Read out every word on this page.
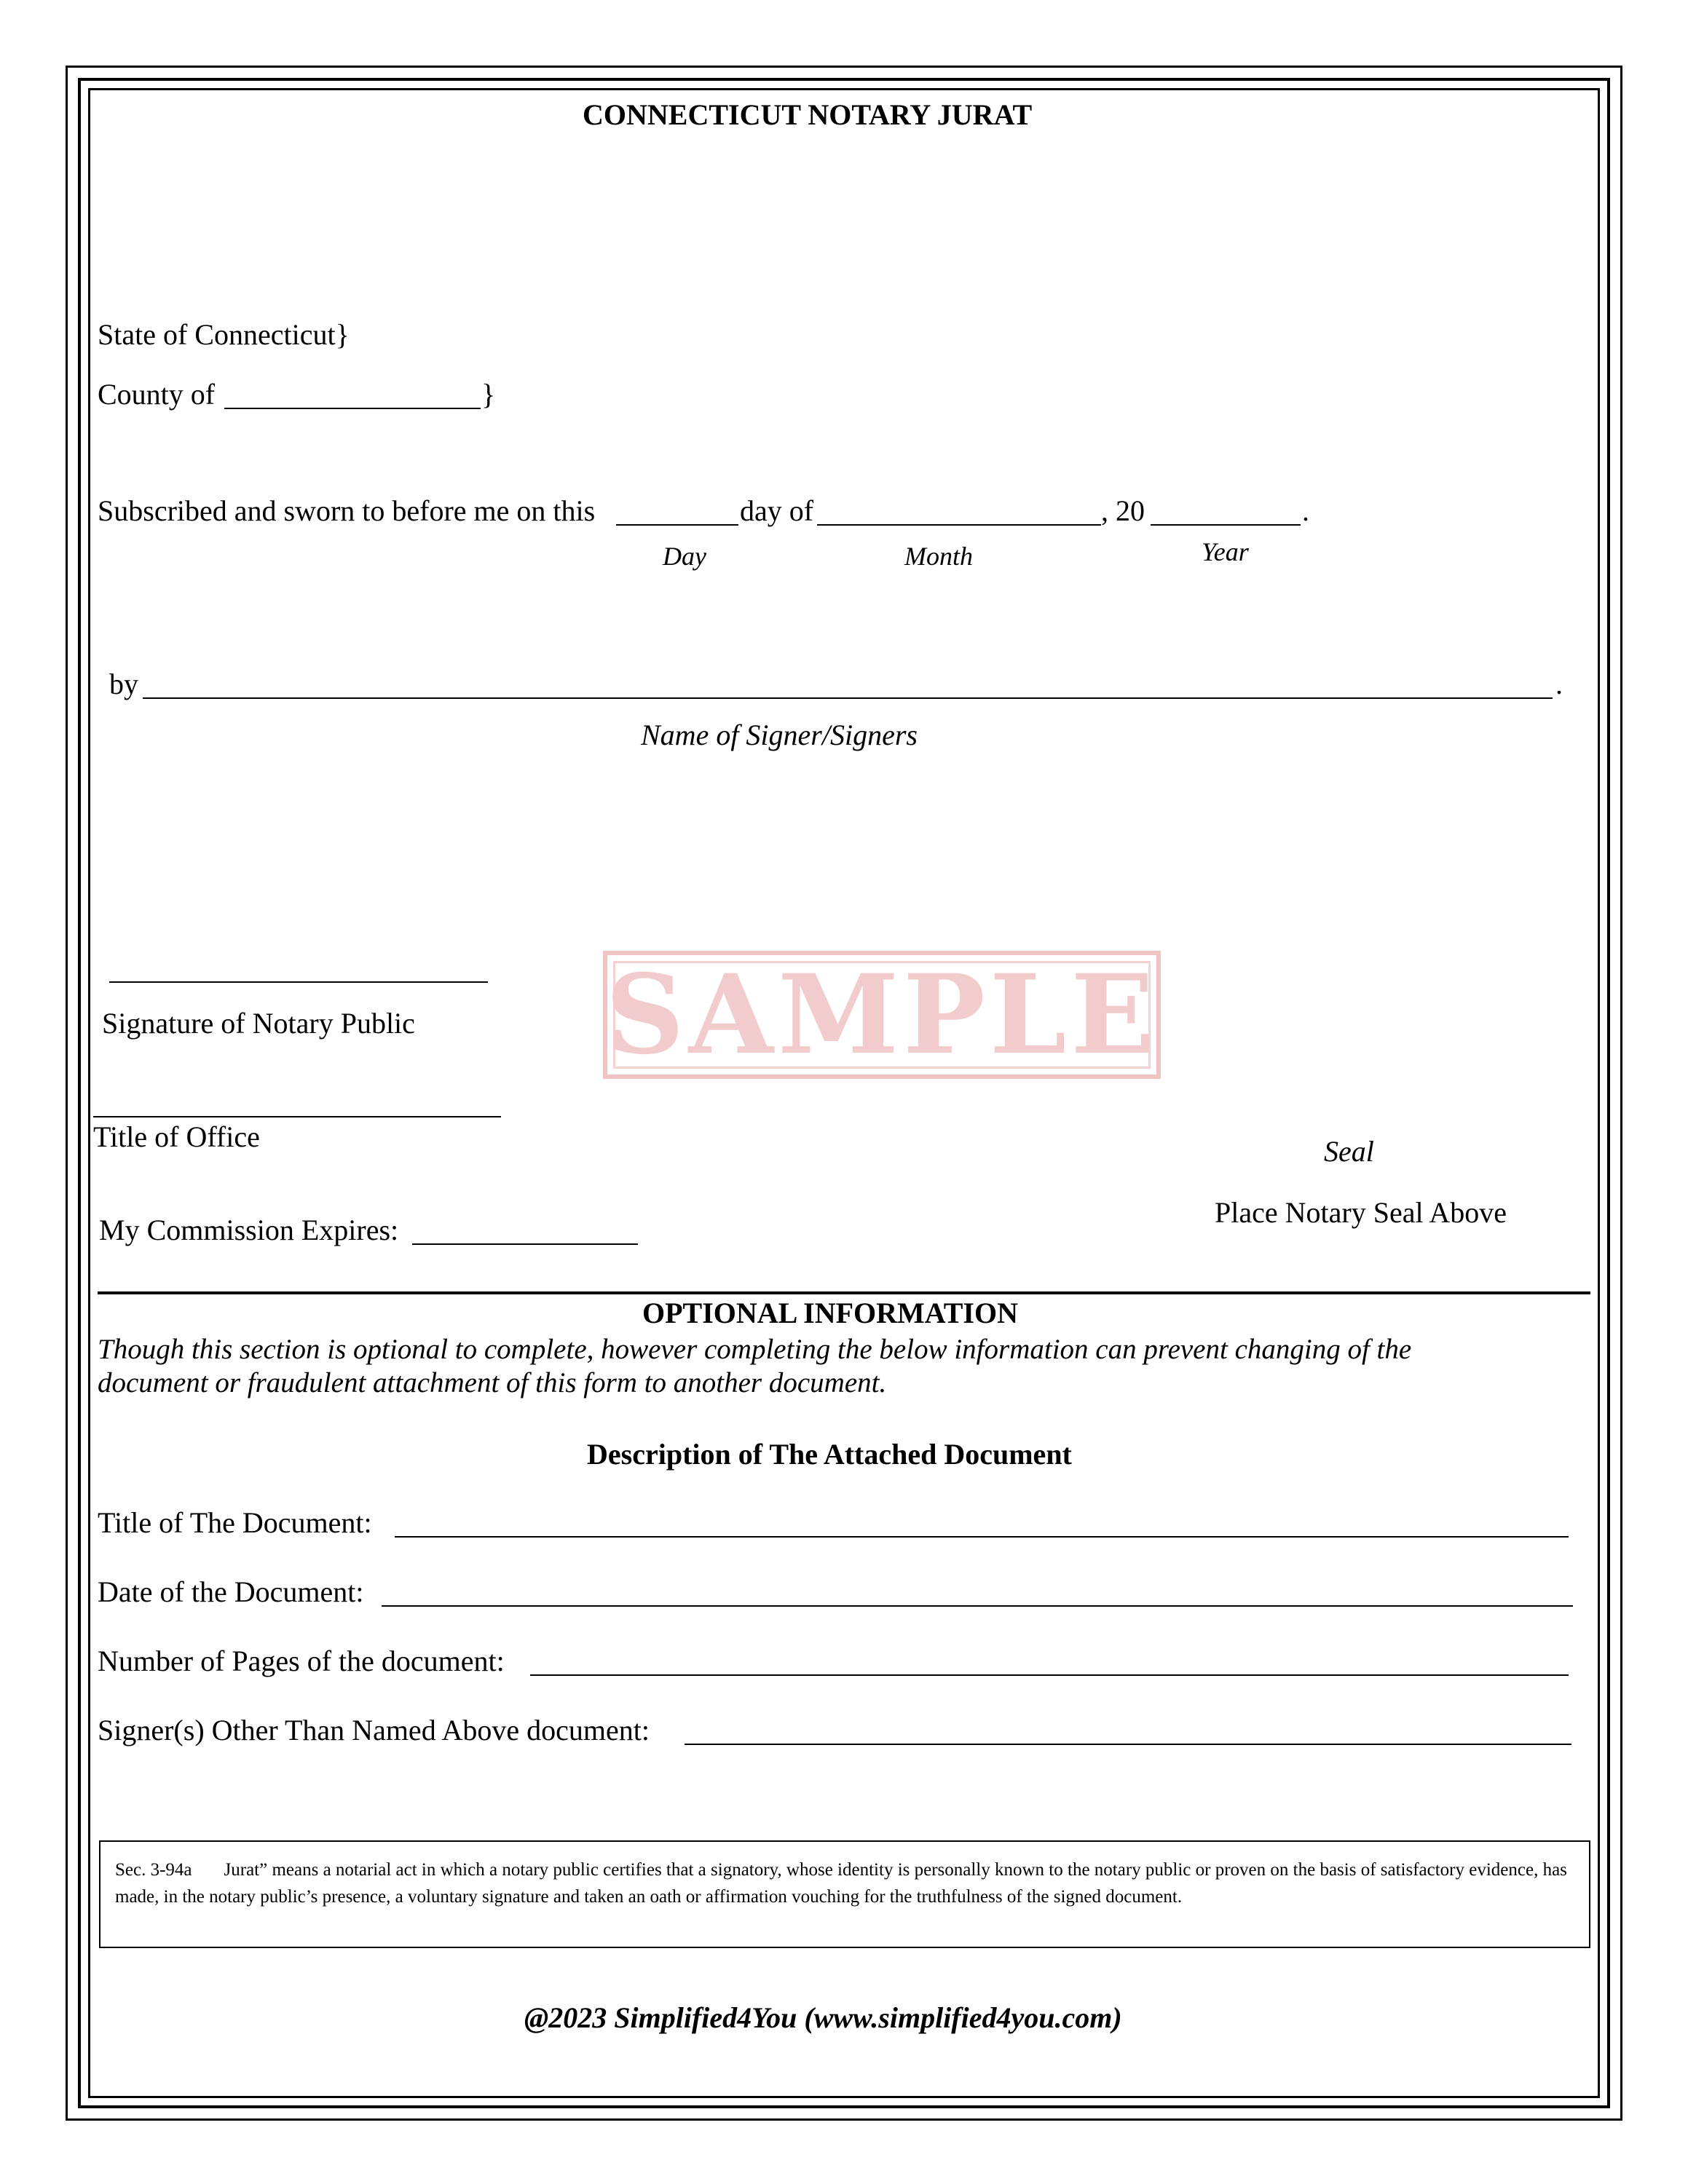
CONNECTICUT NOTARY JURAT
State of Connecticut}
County of	}
Subscribed and sworn to before me on this	day of	, 20	.
Day	Month	Year
by	.
Name of Signer/Signers
SAMPLE
Signature of Notary Public
Title of Office	Seal
Place Notary Seal Above
My Commission Expires:
OPTIONAL INFORMATION
Though this section is optional to complete, however completing the below information can prevent changing of the
document or fraudulent attachment of this form to another document.
Description of The Attached Document
Title of The Document:
Date of the Document:
Number of Pages of the document:
Signer(s) Other Than Named Above document:
Sec. 3-94a Jurat” means a notarial act in which a notary public certifies that a signatory, whose identity is personally known to the notary public or proven on the basis of satisfactory evidence, has made, in the notary public’s presence, a voluntary signature and taken an oath or affirmation vouching for the truthfulness of the signed document.
@2023 Simplified4You (www.simplified4you.com)
